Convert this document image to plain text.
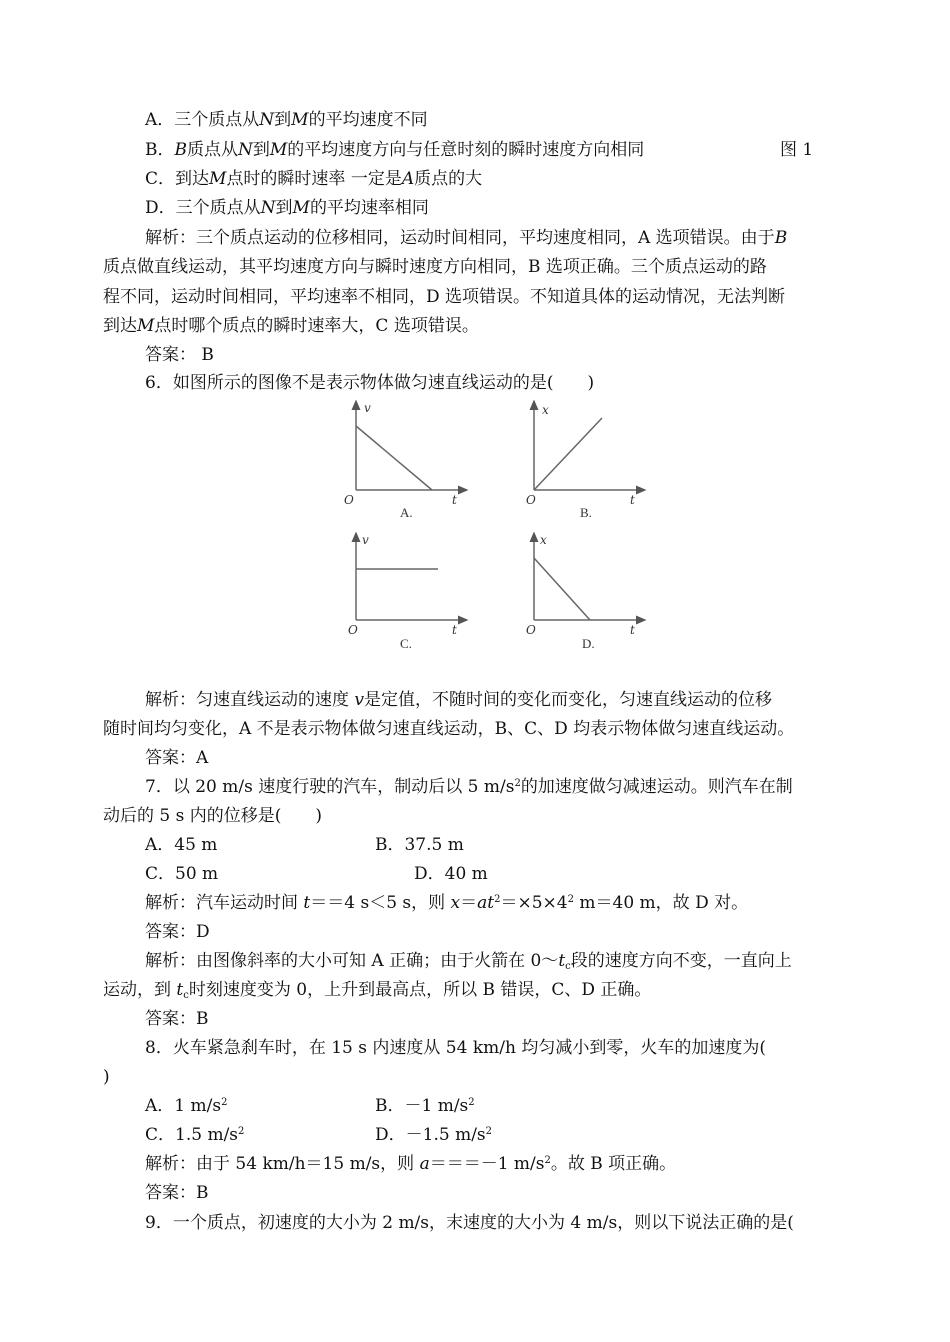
A．三个质点从N到M的平均速度不同
B．B质点从N到M的平均速度方向与任意时刻的瞬时速度方向相同	图 1
C．到达M点时的瞬时速率 一定是A质点的大
D．三个质点从N到M的平均速率相同
解析：三个质点运动的位移相同，运动时间相同，平均速度相同，A 选项错误。由于B
质点做直线运动，其平均速度方向与瞬时速度方向相同，B 选项正确。三个质点运动的路
程不同，运动时间相同，平均速率不相同，D 选项错误。不知道具体的运动情况，无法判断
到达M点时哪个质点的瞬时速率大，C 选项错误。
答案： B
6．如图所示的图像不是表示物体做匀速直线运动的是(　　)
v
t
O
A.
x
t
O
B.
v
t
O
C.
x
t
O
D.
解析：匀速直线运动的速度 v是定值，不随时间的变化而变化，匀速直线运动的位移
随时间均匀变化，A 不是表示物体做匀速直线运动，B、C、D 均表示物体做匀速直线运动。
答案：A
7．以 20 m/s 速度行驶的汽车，制动后以 5 $m/s^2$的加速度做匀减速运动。则汽车在制
动后的 5 s 内的位移是(　　)
A．45 m	B．37.5 m
C．50 m	D．40 m
解析：汽车运动时间 t＝＝4 s＜5 s，则 $x=at^2=\times 5\times 4^2$ m＝40 m，故 D 对。
答案：D
解析：由图像斜率的大小可知 A 正确；由于火箭在 $0\sim t_c$段的速度方向不变，一直向上
运动，到 $t_c$时刻速度变为 0，上升到最高点，所以 B 错误，C、D 正确。
答案：B
8．火车紧急刹车时，在 15 s 内速度从 54 km/h 均匀减小到零，火车的加速度为(
)
A．1 $m/s^2$	B．－1 $m/s^2$
C．1.5 $m/s^2$	D．－1.5 $m/s^2$
解析：由于 54 km/h＝15 m/s，则 a＝＝＝－1 $m/s^2$。故 B 项正确。
答案：B
9．一个质点，初速度的大小为 2 m/s，末速度的大小为 4 m/s，则以下说法正确的是(
